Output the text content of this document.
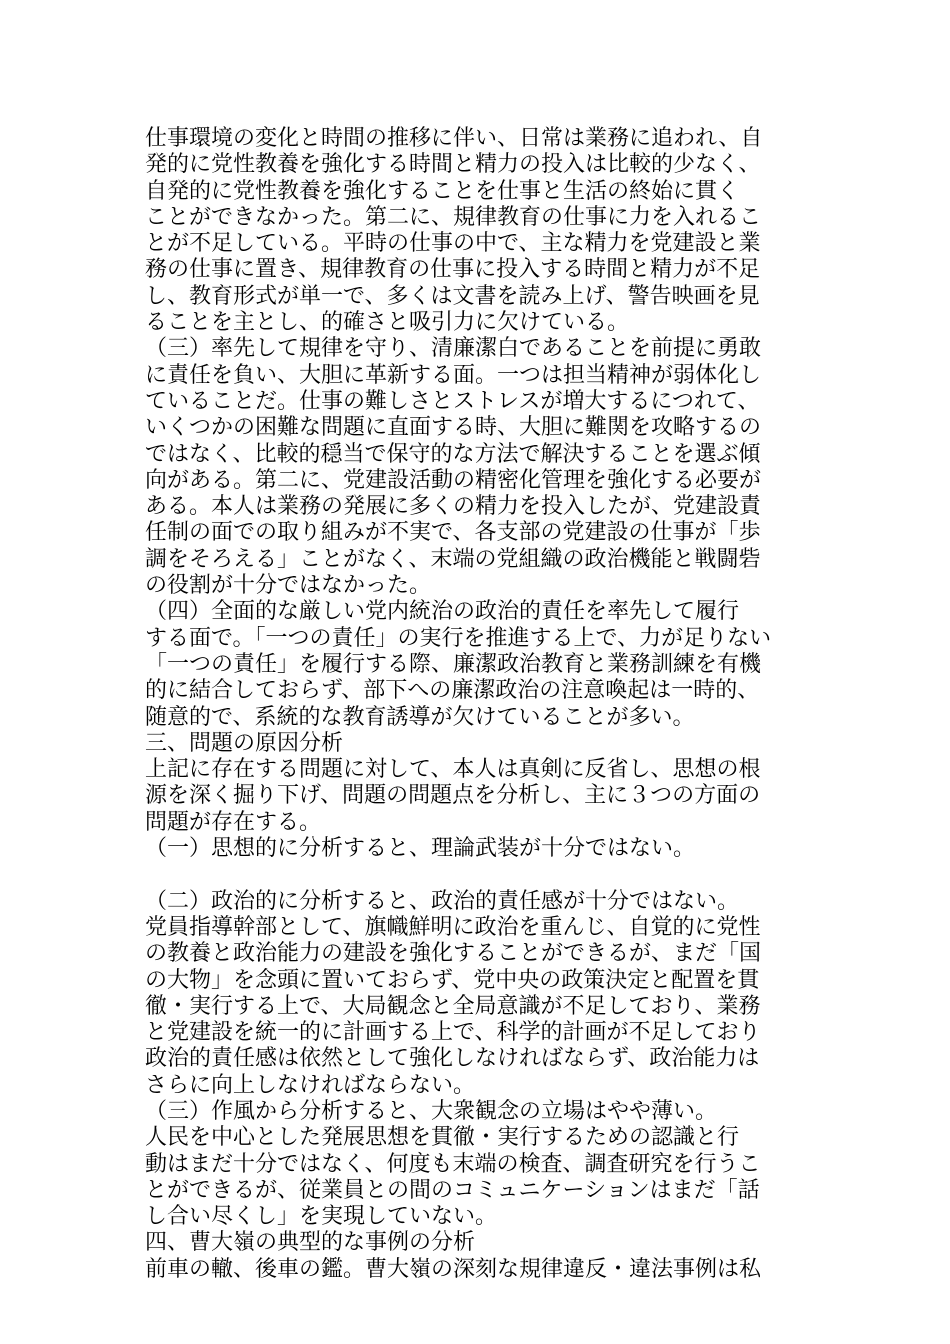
仕事環境の変化と時間の推移に伴い、日常は業務に追われ、自
発的に党性教養を強化する時間と精力の投入は比較的少なく、
自発的に党性教養を強化することを仕事と生活の終始に貫く
ことができなかった。第二に、規律教育の仕事に力を入れるこ
とが不足している。平時の仕事の中で、主な精力を党建設と業
務の仕事に置き、規律教育の仕事に投入する時間と精力が不足
し、教育形式が単一で、多くは文書を読み上げ、警告映画を見
ることを主とし、的確さと吸引力に欠けている。
（三）率先して規律を守り、清廉潔白であることを前提に勇敢
に責任を負い、大胆に革新する面。一つは担当精神が弱体化し
ていることだ。仕事の難しさとストレスが増大するにつれて、
いくつかの困難な問題に直面する時、大胆に難関を攻略するの
ではなく、比較的穏当で保守的な方法で解決することを選ぶ傾
向がある。第二に、党建設活動の精密化管理を強化する必要が
ある。本人は業務の発展に多くの精力を投入したが、党建設責
任制の面での取り組みが不実で、各支部の党建設の仕事が「歩
調をそろえる」ことがなく、末端の党組織の政治機能と戦闘砦
の役割が十分ではなかった。
（四）全面的な厳しい党内統治の政治的責任を率先して履行
する面で。「一つの責任」の実行を推進する上で、力が足りない
「一つの責任」を履行する際、廉潔政治教育と業務訓練を有機
的に結合しておらず、部下への廉潔政治の注意喚起は一時的、
随意的で、系統的な教育誘導が欠けていることが多い。
三、問題の原因分析
上記に存在する問題に対して、本人は真剣に反省し、思想の根
源を深く掘り下げ、問題の問題点を分析し、主に３つの方面の
問題が存在する。
（一）思想的に分析すると、理論武装が十分ではない。
（二）政治的に分析すると、政治的責任感が十分ではない。
党員指導幹部として、旗幟鮮明に政治を重んじ、自覚的に党性
の教養と政治能力の建設を強化することができるが、まだ「国
の大物」を念頭に置いておらず、党中央の政策決定と配置を貫
徹・実行する上で、大局観念と全局意識が不足しており、業務
と党建設を統一的に計画する上で、科学的計画が不足しており
政治的責任感は依然として強化しなければならず、政治能力は
さらに向上しなければならない。
（三）作風から分析すると、大衆観念の立場はやや薄い。
人民を中心とした発展思想を貫徹・実行するための認識と行
動はまだ十分ではなく、何度も末端の検査、調査研究を行うこ
とができるが、従業員との間のコミュニケーションはまだ「話
し合い尽くし」を実現していない。
四、曹大嶺の典型的な事例の分析
前車の轍、後車の鑑。曹大嶺の深刻な規律違反・違法事例は私
